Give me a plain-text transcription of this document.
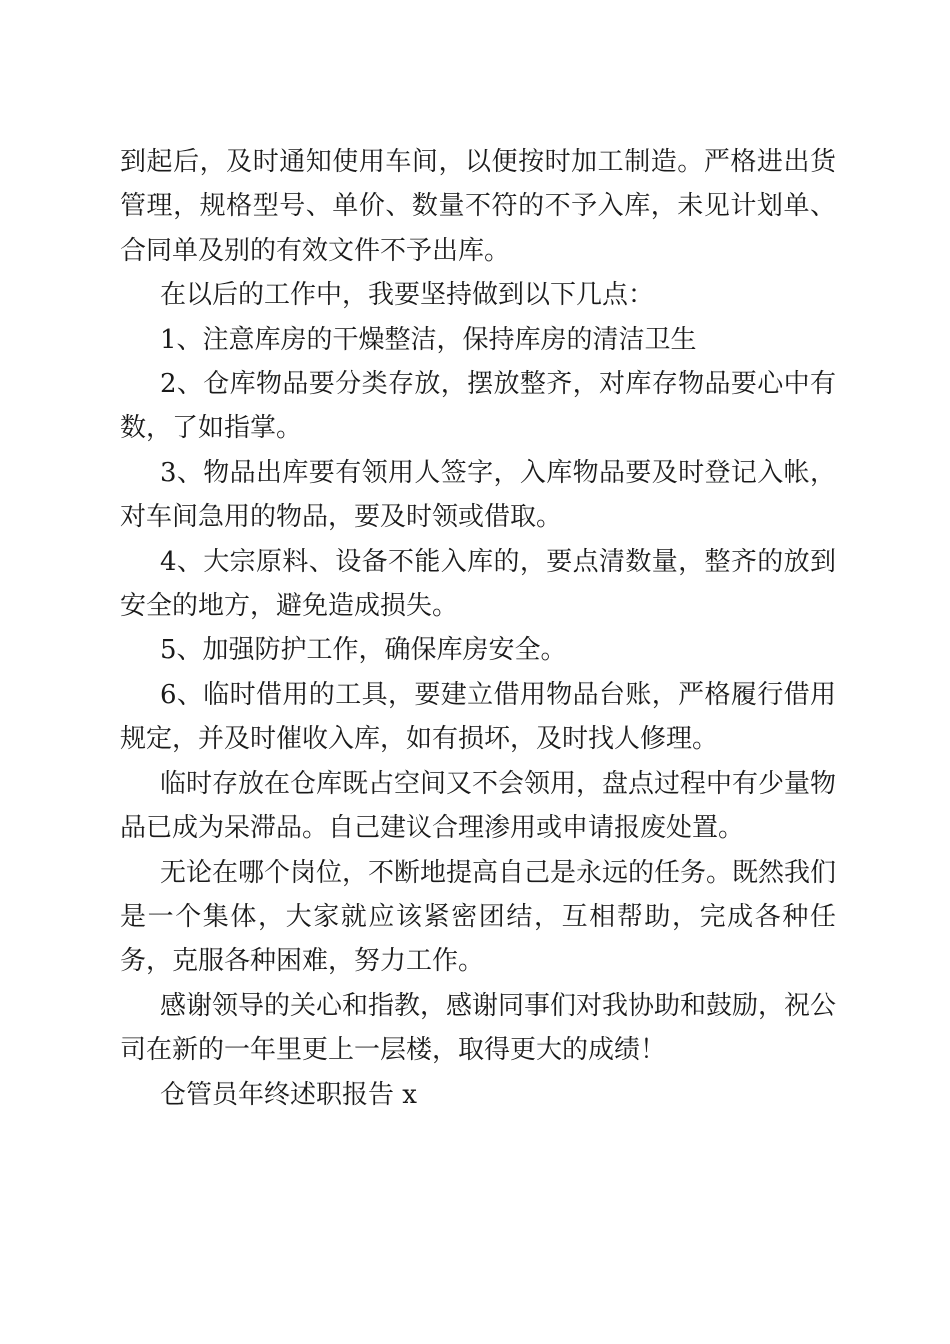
到起后，及时通知使用车间，以便按时加工制造。严格进出货管理，规格型号、单价、数量不符的不予入库，未见计划单、合同单及别的有效文件不予出库。

在以后的工作中，我要坚持做到以下几点：

1、注意库房的干燥整洁，保持库房的清洁卫生

2、仓库物品要分类存放，摆放整齐，对库存物品要心中有数，了如指掌。

3、物品出库要有领用人签字，入库物品要及时登记入帐，对车间急用的物品，要及时领或借取。

4、大宗原料、设备不能入库的，要点清数量，整齐的放到安全的地方，避免造成损失。

5、加强防护工作，确保库房安全。

6、临时借用的工具，要建立借用物品台账，严格履行借用规定，并及时催收入库，如有损坏，及时找人修理。

临时存放在仓库既占空间又不会领用，盘点过程中有少量物品已成为呆滞品。自己建议合理渗用或申请报废处置。

无论在哪个岗位，不断地提高自己是永远的任务。既然我们是一个集体，大家就应该紧密团结，互相帮助，完成各种任务，克服各种困难，努力工作。

感谢领导的关心和指教，感谢同事们对我协助和鼓励，祝公司在新的一年里更上一层楼，取得更大的成绩！

仓管员年终述职报告 x
